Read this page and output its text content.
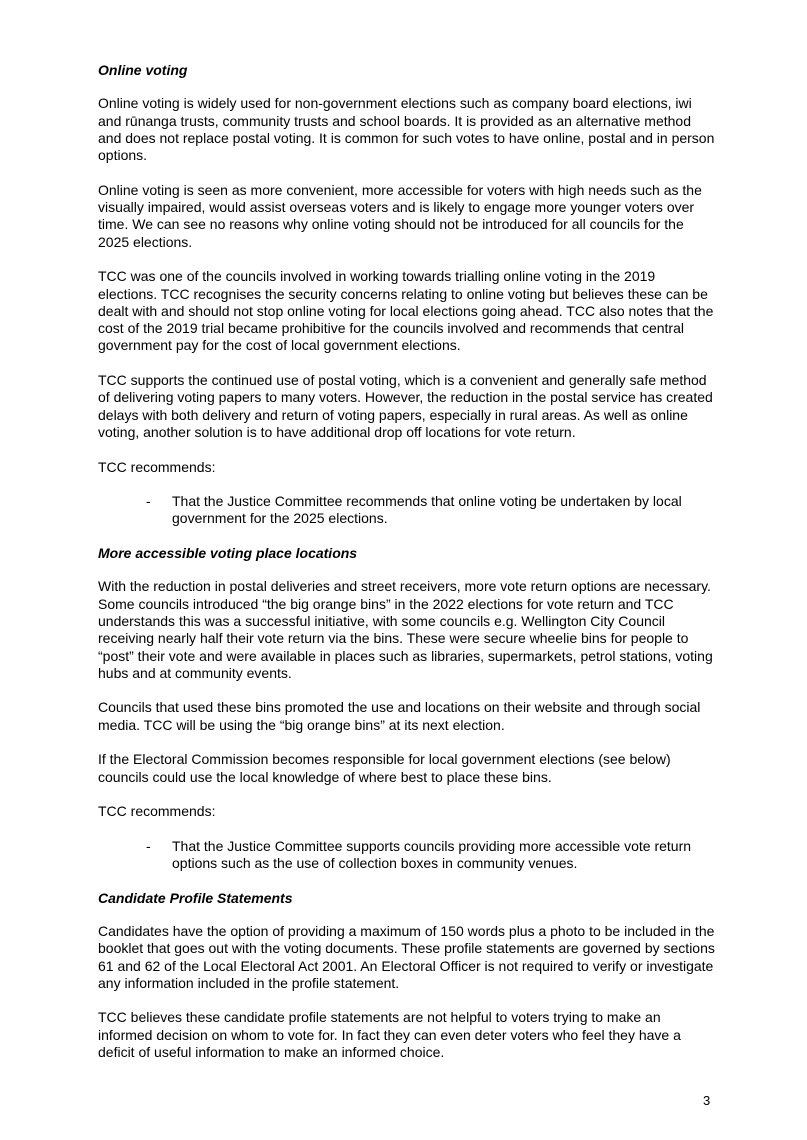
Online voting

Online voting is widely used for non-government elections such as company board elections, iwi and rūnanga trusts, community trusts and school boards. It is provided as an alternative method and does not replace postal voting. It is common for such votes to have online, postal and in person options.

Online voting is seen as more convenient, more accessible for voters with high needs such as the visually impaired, would assist overseas voters and is likely to engage more younger voters over time. We can see no reasons why online voting should not be introduced for all councils for the 2025 elections.

TCC was one of the councils involved in working towards trialling online voting in the 2019 elections. TCC recognises the security concerns relating to online voting but believes these can be dealt with and should not stop online voting for local elections going ahead. TCC also notes that the cost of the 2019 trial became prohibitive for the councils involved and recommends that central government pay for the cost of local government elections.

TCC supports the continued use of postal voting, which is a convenient and generally safe method of delivering voting papers to many voters. However, the reduction in the postal service has created delays with both delivery and return of voting papers, especially in rural areas. As well as online voting, another solution is to have additional drop off locations for vote return.

TCC recommends:

- That the Justice Committee recommends that online voting be undertaken by local government for the 2025 elections.
More accessible voting place locations

With the reduction in postal deliveries and street receivers, more vote return options are necessary. Some councils introduced “the big orange bins” in the 2022 elections for vote return and TCC understands this was a successful initiative, with some councils e.g. Wellington City Council receiving nearly half their vote return via the bins. These were secure wheelie bins for people to “post” their vote and were available in places such as libraries, supermarkets, petrol stations, voting hubs and at community events.

Councils that used these bins promoted the use and locations on their website and through social media. TCC will be using the “big orange bins” at its next election.

If the Electoral Commission becomes responsible for local government elections (see below) councils could use the local knowledge of where best to place these bins.

TCC recommends:

- That the Justice Committee supports councils providing more accessible vote return options such as the use of collection boxes in community venues.
Candidate Profile Statements

Candidates have the option of providing a maximum of 150 words plus a photo to be included in the booklet that goes out with the voting documents. These profile statements are governed by sections 61 and 62 of the Local Electoral Act 2001. An Electoral Officer is not required to verify or investigate any information included in the profile statement.

TCC believes these candidate profile statements are not helpful to voters trying to make an informed decision on whom to vote for. In fact they can even deter voters who feel they have a deficit of useful information to make an informed choice.

3
